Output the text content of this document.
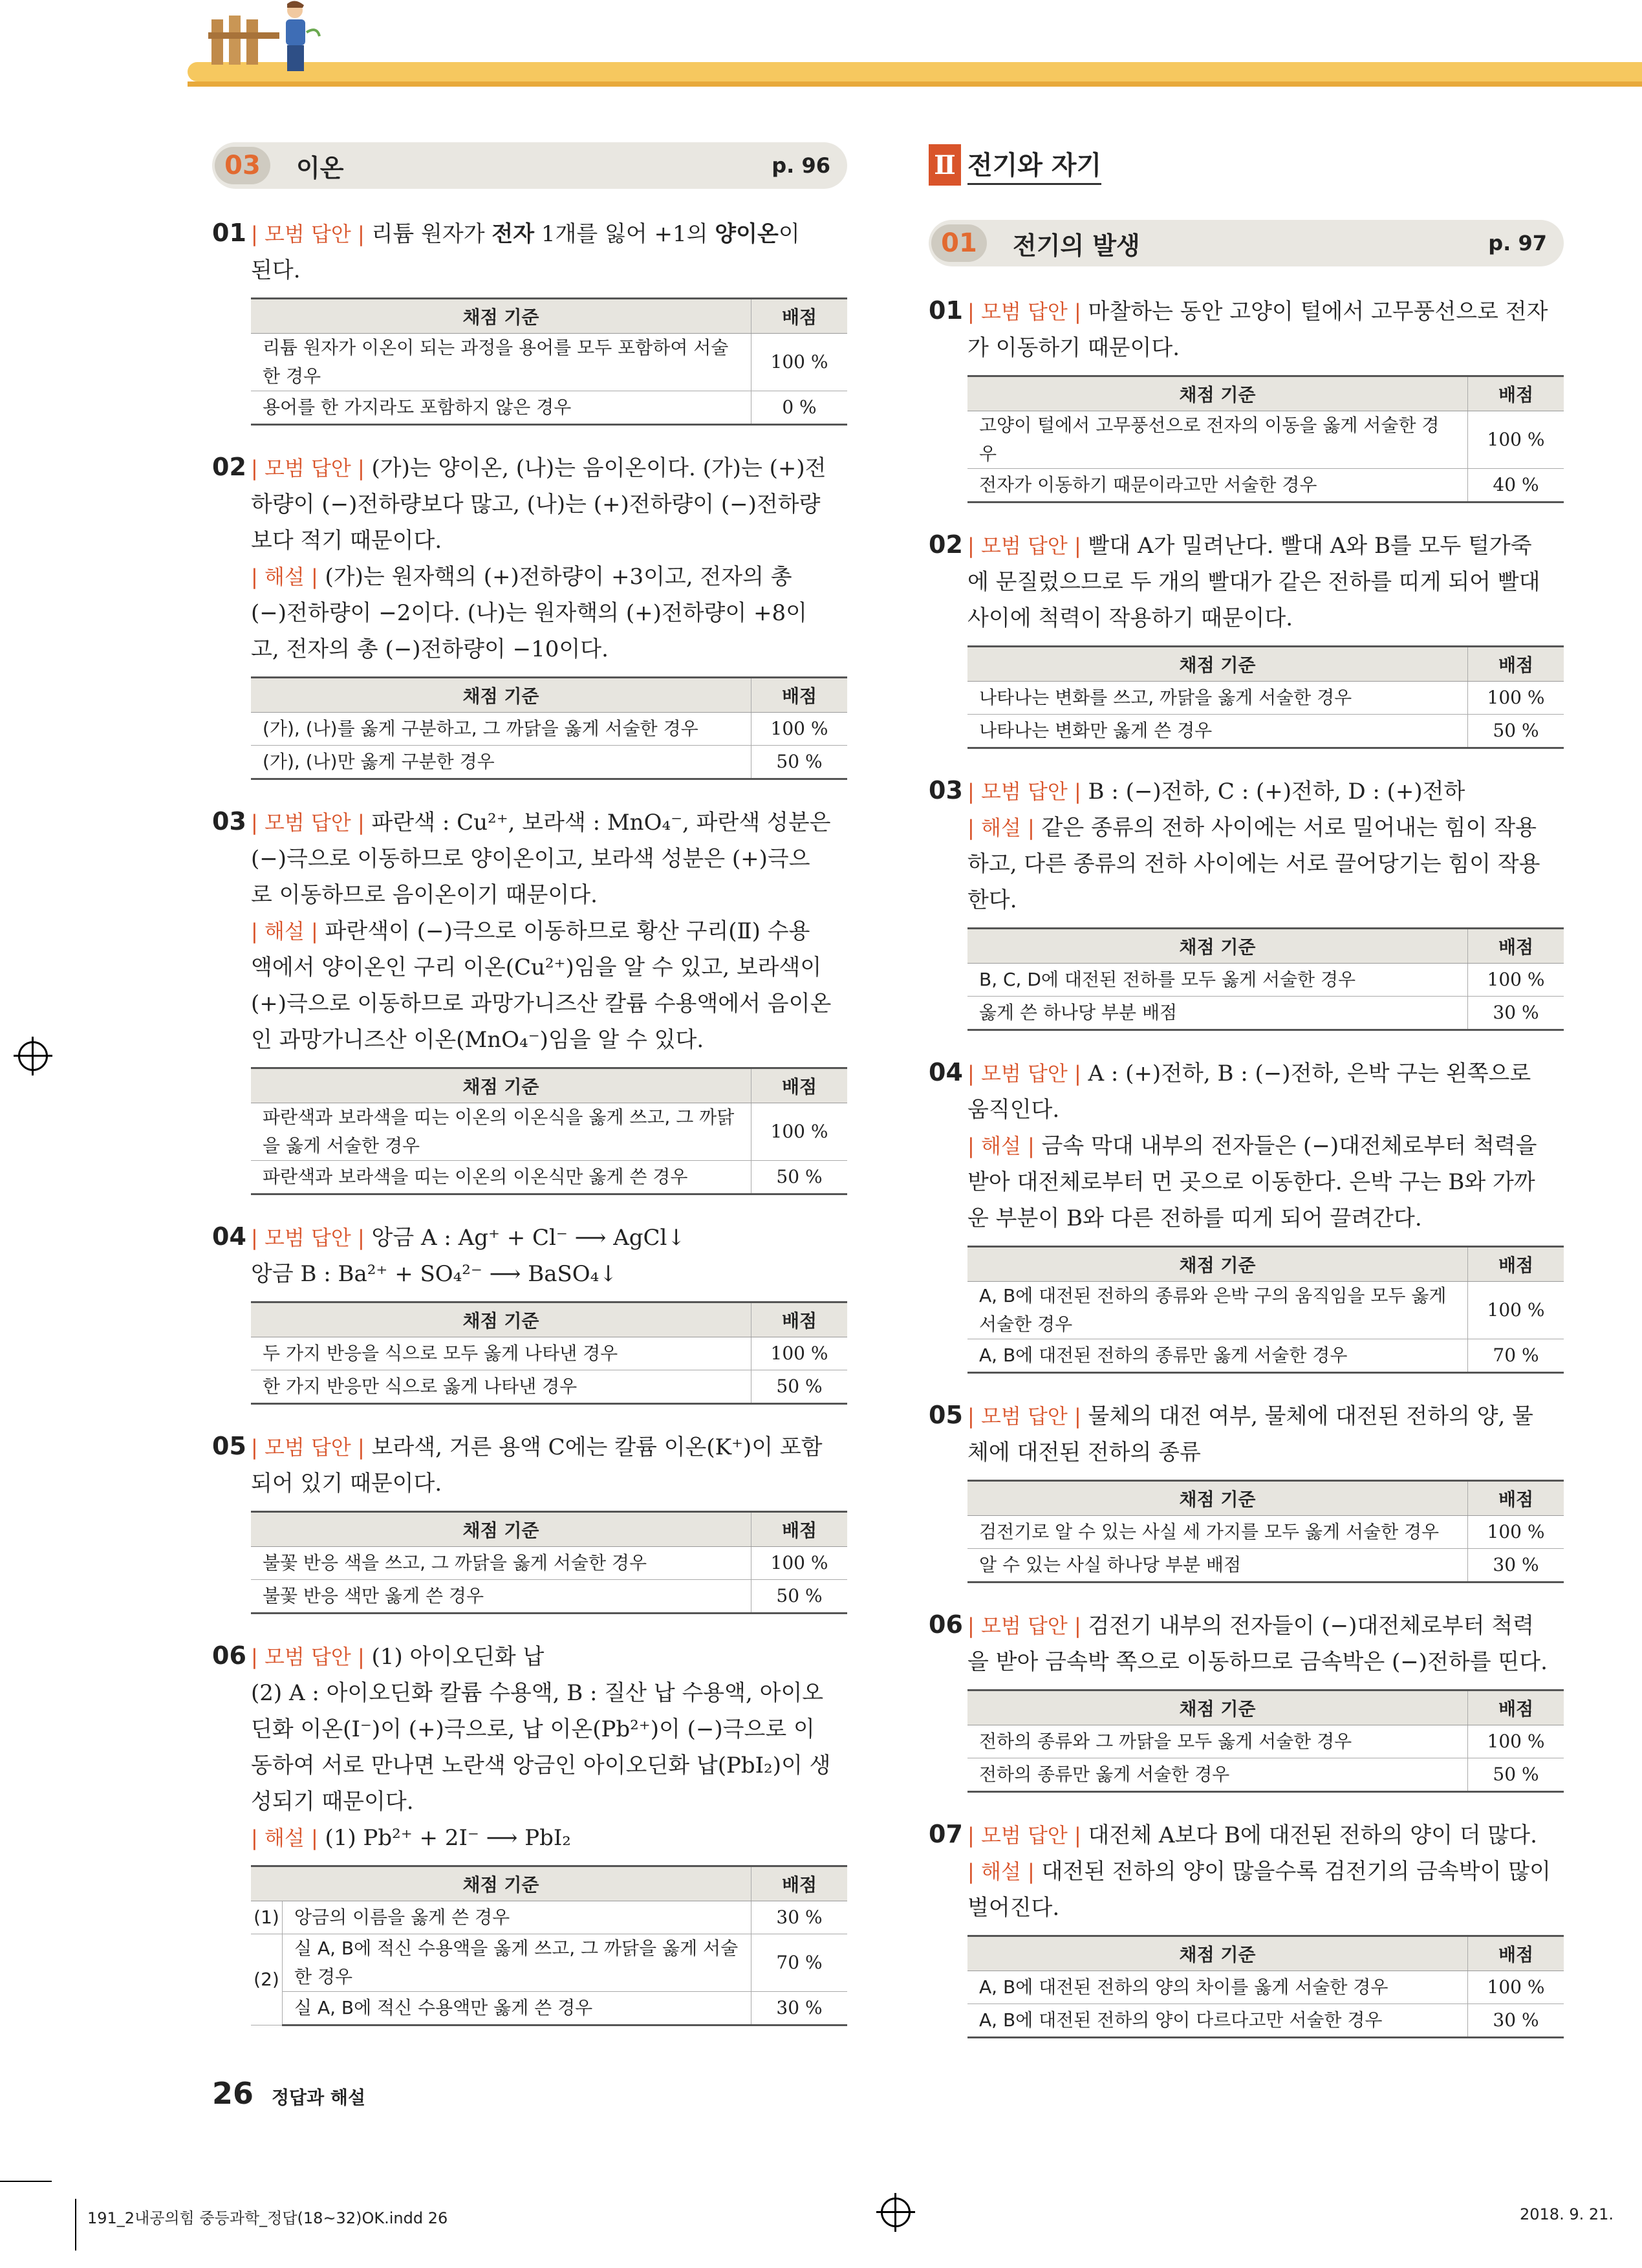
03	이온	p. 96
01 | 모범 답안 | 리튬 원자가 전자 1개를 잃어 +1의 양이온이
된다.
채점 기준	배점
리튬 원자가 이온이 되는 과정을 용어를 모두 포함하여 서술한 경우	100 %
용어를 한 가지라도 포함하지 않은 경우	0 %
02 | 모범 답안 | (가)는 양이온, (나)는 음이온이다. (가)는 (+)전
하량이 (−)전하량보다 많고, (나)는 (+)전하량이 (−)전하량
보다 적기 때문이다.
| 해설 | (가)는 원자핵의 (+)전하량이 +3이고, 전자의 총
(−)전하량이 −2이다. (나)는 원자핵의 (+)전하량이 +8이
고, 전자의 총 (−)전하량이 −10이다.
채점 기준	배점
(가), (나)를 옳게 구분하고, 그 까닭을 옳게 서술한 경우	100 %
(가), (나)만 옳게 구분한 경우	50 %
03 | 모범 답안 | 파란색 : Cu²⁺, 보라색 : MnO₄⁻, 파란색 성분은
(−)극으로 이동하므로 양이온이고, 보라색 성분은 (+)극으
로 이동하므로 음이온이기 때문이다.
| 해설 | 파란색이 (−)극으로 이동하므로 황산 구리(Ⅱ) 수용
액에서 양이온인 구리 이온(Cu²⁺)임을 알 수 있고, 보라색이
(+)극으로 이동하므로 과망가니즈산 칼륨 수용액에서 음이온
인 과망가니즈산 이온(MnO₄⁻)임을 알 수 있다.
채점 기준	배점
파란색과 보라색을 띠는 이온의 이온식을 옳게 쓰고, 그 까닭을 옳게 서술한 경우	100 %
파란색과 보라색을 띠는 이온의 이온식만 옳게 쓴 경우	50 %
04 | 모범 답안 | 앙금 A : Ag⁺ + Cl⁻ ⟶ AgCl↓
앙금 B : Ba²⁺ + SO₄²⁻ ⟶ BaSO₄↓
채점 기준	배점
두 가지 반응을 식으로 모두 옳게 나타낸 경우	100 %
한 가지 반응만 식으로 옳게 나타낸 경우	50 %
05 | 모범 답안 | 보라색, 거른 용액 C에는 칼륨 이온(K⁺)이 포함
되어 있기 때문이다.
채점 기준	배점
불꽃 반응 색을 쓰고, 그 까닭을 옳게 서술한 경우	100 %
불꽃 반응 색만 옳게 쓴 경우	50 %
06 | 모범 답안 | (1) 아이오딘화 납
(2) A : 아이오딘화 칼륨 수용액, B : 질산 납 수용액, 아이오
딘화 이온(I⁻)이 (+)극으로, 납 이온(Pb²⁺)이 (−)극으로 이
동하여 서로 만나면 노란색 앙금인 아이오딘화 납(PbI₂)이 생
성되기 때문이다.
| 해설 | (1) Pb²⁺ + 2I⁻ ⟶ PbI₂
채점 기준		배점
(1)	앙금의 이름을 옳게 쓴 경우	30 %
(2)	실 A, B에 적신 수용액을 옳게 쓰고, 그 까닭을 옳게 서술한 경우	70 %
	실 A, B에 적신 수용액만 옳게 쓴 경우	30 %
Ⅱ 전기와 자기
01	전기의 발생	p. 97
01 | 모범 답안 | 마찰하는 동안 고양이 털에서 고무풍선으로 전자
가 이동하기 때문이다.
채점 기준	배점
고양이 털에서 고무풍선으로 전자의 이동을 옳게 서술한 경우	100 %
전자가 이동하기 때문이라고만 서술한 경우	40 %
02 | 모범 답안 | 빨대 A가 밀려난다. 빨대 A와 B를 모두 털가죽
에 문질렀으므로 두 개의 빨대가 같은 전하를 띠게 되어 빨대
사이에 척력이 작용하기 때문이다.
채점 기준	배점
나타나는 변화를 쓰고, 까닭을 옳게 서술한 경우	100 %
나타나는 변화만 옳게 쓴 경우	50 %
03 | 모범 답안 | B : (−)전하, C : (+)전하, D : (+)전하
| 해설 | 같은 종류의 전하 사이에는 서로 밀어내는 힘이 작용
하고, 다른 종류의 전하 사이에는 서로 끌어당기는 힘이 작용
한다.
채점 기준	배점
B, C, D에 대전된 전하를 모두 옳게 서술한 경우	100 %
옳게 쓴 하나당 부분 배점	30 %
04 | 모범 답안 | A : (+)전하, B : (−)전하, 은박 구는 왼쪽으로
움직인다.
| 해설 | 금속 막대 내부의 전자들은 (−)대전체로부터 척력을
받아 대전체로부터 먼 곳으로 이동한다. 은박 구는 B와 가까
운 부분이 B와 다른 전하를 띠게 되어 끌려간다.
채점 기준	배점
A, B에 대전된 전하의 종류와 은박 구의 움직임을 모두 옳게 서술한 경우	100 %
A, B에 대전된 전하의 종류만 옳게 서술한 경우	70 %
05 | 모범 답안 | 물체의 대전 여부, 물체에 대전된 전하의 양, 물
체에 대전된 전하의 종류
채점 기준	배점
검전기로 알 수 있는 사실 세 가지를 모두 옳게 서술한 경우	100 %
알 수 있는 사실 하나당 부분 배점	30 %
06 | 모범 답안 | 검전기 내부의 전자들이 (−)대전체로부터 척력
을 받아 금속박 쪽으로 이동하므로 금속박은 (−)전하를 띤다.
채점 기준	배점
전하의 종류와 그 까닭을 모두 옳게 서술한 경우	100 %
전하의 종류만 옳게 서술한 경우	50 %
07 | 모범 답안 | 대전체 A보다 B에 대전된 전하의 양이 더 많다.
| 해설 | 대전된 전하의 양이 많을수록 검전기의 금속박이 많이
벌어진다.
채점 기준	배점
A, B에 대전된 전하의 양의 차이를 옳게 서술한 경우	100 %
A, B에 대전된 전하의 양이 다르다고만 서술한 경우	30 %
26 정답과 해설
191_2내공의힘 중등과학_정답(18~32)OK.indd 26	2018. 9. 21.
